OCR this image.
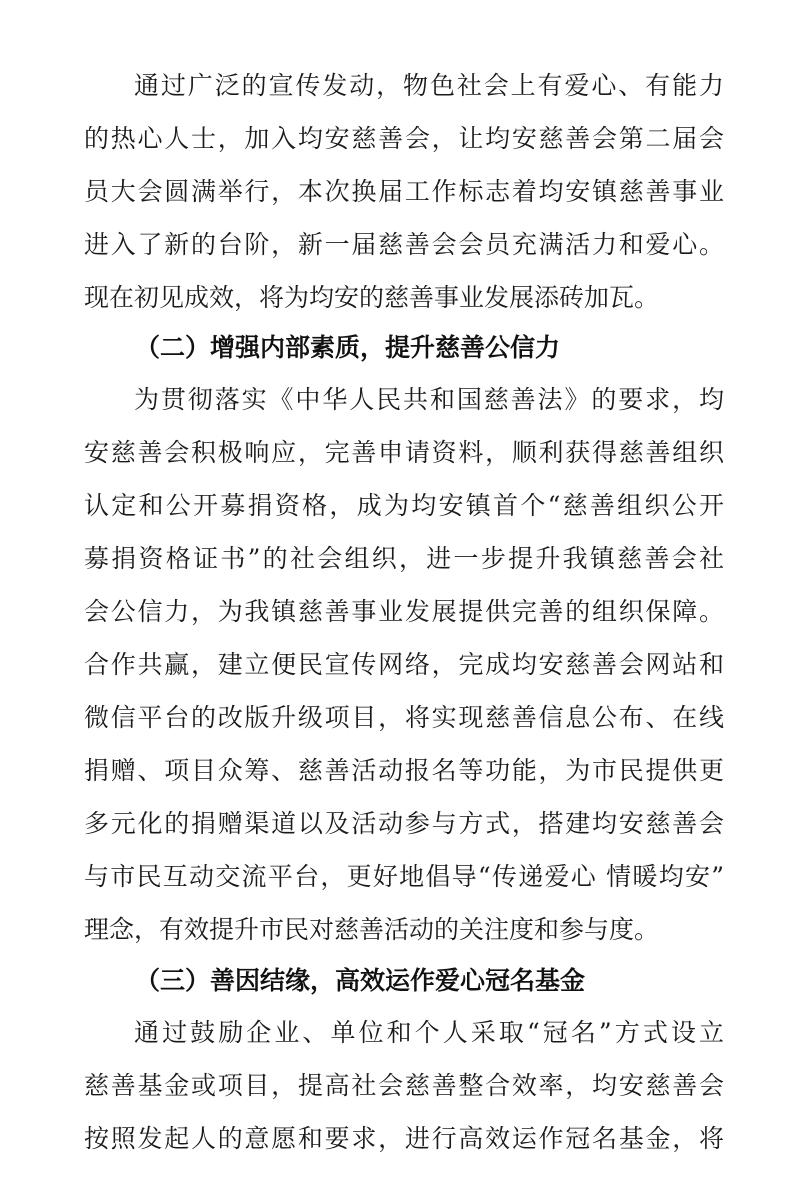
通过广泛的宣传发动，物色社会上有爱心、有能力
的热心人士，加入均安慈善会，让均安慈善会第二届会
员大会圆满举行，本次换届工作标志着均安镇慈善事业
进入了新的台阶，新一届慈善会会员充满活力和爱心。
现在初见成效，将为均安的慈善事业发展添砖加瓦。
（二）增强内部素质，提升慈善公信力
为贯彻落实《中华人民共和国慈善法》的要求，均
安慈善会积极响应，完善申请资料，顺利获得慈善组织
认定和公开募捐资格，成为均安镇首个“慈善组织公开
募捐资格证书”的社会组织，进一步提升我镇慈善会社
会公信力，为我镇慈善事业发展提供完善的组织保障。
合作共赢，建立便民宣传网络，完成均安慈善会网站和
微信平台的改版升级项目，将实现慈善信息公布、在线
捐赠、项目众筹、慈善活动报名等功能，为市民提供更
多元化的捐赠渠道以及活动参与方式，搭建均安慈善会
与市民互动交流平台，更好地倡导“传递爱心 情暖均安”
理念，有效提升市民对慈善活动的关注度和参与度。
（三）善因结缘，高效运作爱心冠名基金
通过鼓励企业、单位和个人采取“冠名”方式设立
慈善基金或项目，提高社会慈善整合效率，均安慈善会
按照发起人的意愿和要求，进行高效运作冠名基金，将
